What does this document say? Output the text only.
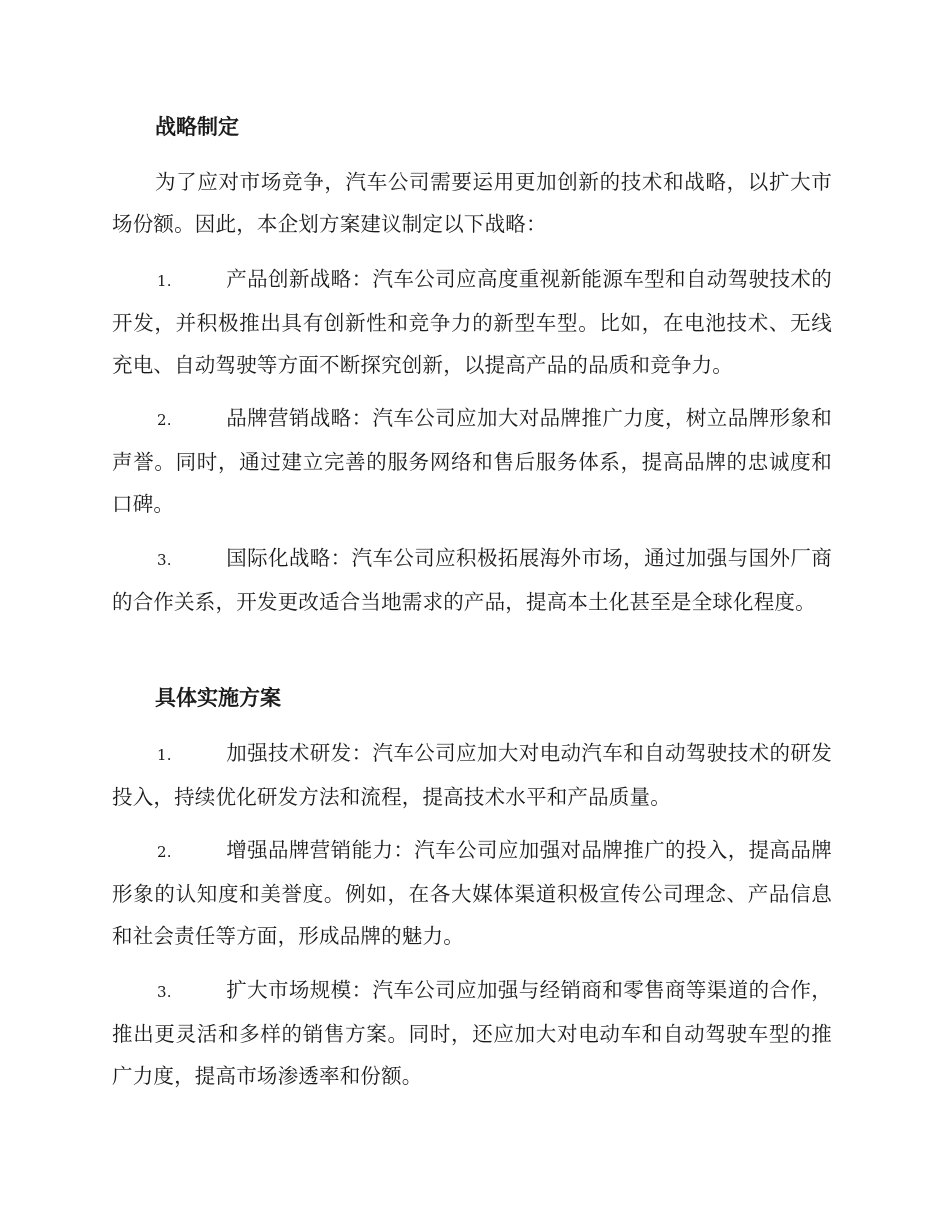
战略制定
为了应对市场竞争，汽车公司需要运用更加创新的技术和战略，以扩大市场份额。因此，本企划方案建议制定以下战略：
1.	产品创新战略：汽车公司应高度重视新能源车型和自动驾驶技术的开发，并积极推出具有创新性和竞争力的新型车型。比如，在电池技术、无线充电、自动驾驶等方面不断探究创新，以提高产品的品质和竞争力。
2.	品牌营销战略：汽车公司应加大对品牌推广力度，树立品牌形象和声誉。同时，通过建立完善的服务网络和售后服务体系，提高品牌的忠诚度和口碑。
3.	国际化战略：汽车公司应积极拓展海外市场，通过加强与国外厂商的合作关系，开发更改适合当地需求的产品，提高本土化甚至是全球化程度。
具体实施方案
1.	加强技术研发：汽车公司应加大对电动汽车和自动驾驶技术的研发投入，持续优化研发方法和流程，提高技术水平和产品质量。
2.	增强品牌营销能力：汽车公司应加强对品牌推广的投入，提高品牌形象的认知度和美誉度。例如，在各大媒体渠道积极宣传公司理念、产品信息和社会责任等方面，形成品牌的魅力。
3.	扩大市场规模：汽车公司应加强与经销商和零售商等渠道的合作，推出更灵活和多样的销售方案。同时，还应加大对电动车和自动驾驶车型的推广力度，提高市场渗透率和份额。
